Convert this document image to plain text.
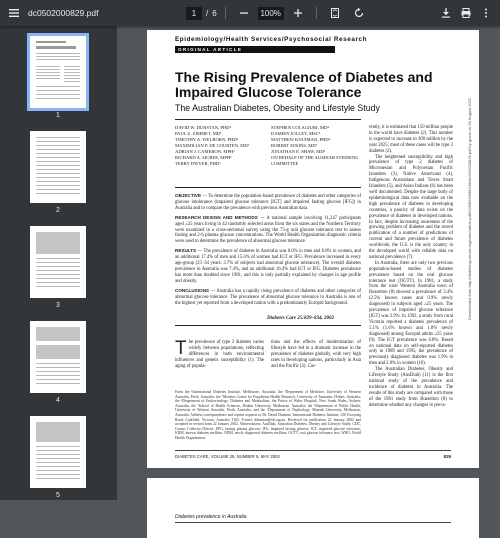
dc0502000829.pdf	1	/ 6	100%
1
2
3
4
5
Downloaded from http://diabetesjournals.org/care/article-pdf/25/5/829/589249/dc0502000829.pdf by guest on 09 August 2022
Epidemiology/Health Services/Psychosocial Research
ORIGINAL ARTICLE
The Rising Prevalence of Diabetes and Impaired Glucose Tolerance
The Australian Diabetes, Obesity and Lifestyle Study
DAVID W. DUNSTAN, PHD¹
PAUL Z. ZIMMET, MD¹
TIMOTHY A. WELBORN, PHD²
MAXIMILIAN P. DE COURTEN, MD¹
ADRIAN J. CAMERON, MPH¹
RICHARD A. SICREE, MPH¹
TERRY DWYER, PHD³
STEPHEN COLAGIURI, MD⁴
DAMIEN JOLLEY, MSC⁵
MATTHEW KNUIMAN, PHD⁶
ROBERT ATKINS, MD⁷
JONATHAN E. SHAW, MD¹
ON BEHALF OF THE AUSDIAB STEERING
COMMITTEE

OBJECTIVE — To determine the population-based prevalence of diabetes and other categories of glucose intolerance (impaired glucose tolerance [IGT] and impaired fasting glucose [IFG]) in Australia and to compare the prevalence with previous Australian data.

RESEARCH DESIGN AND METHODS — A national sample involving 11,247 participants aged ≥25 years living in 42 randomly selected areas from the six states and the Northern Territory were examined in a cross-sectional survey using the 75-g oral glucose tolerance test to assess fasting and 2-h plasma glucose concentrations. The World Health Organization diagnostic criteria were used to determine the prevalence of abnormal glucose tolerance.

RESULTS — The prevalence of diabetes in Australia was 8.0% in men and 6.8% in women, and an additional 17.4% of men and 15.4% of women had IGT or IFG. Prevalence increased in every age-group (25–34 years: 3.7% of subjects had abnormal glucose tolerance). The overall diabetes prevalence in Australia was 7.4%, and an additional 16.4% had IGT or IFG. Diabetes prevalence has more than doubled since 1981, and this is only partially explained by changes in age profile and obesity.

CONCLUSIONS — Australia has a rapidly rising prevalence of diabetes and other categories of abnormal glucose tolerance. The prevalence of abnormal glucose tolerance in Australia is one of the highest yet reported from a developed nation with a predominantly Europid background.

Diabetes Care 25:829–834, 2002
The prevalence of type 2 diabetes varies widely between populations, reflecting differences in both environmental influences and genetic susceptibility (1). The aging of popula-
tions and the effects of modernization of lifestyle have led to a dramatic increase in the prevalence of diabetes globally, with very high rates in developing nations, particularly in Asia and the Pacific (2). Cur-
From the ¹International Diabetes Institute, Melbourne, Australia; the ²Department of Medicine, University of Western Australia, Perth, Australia; the ³Menzies Centre for Population Health Research, University of Tasmania, Hobart, Australia; the ⁴Department of Endocrinology, Diabetes and Metabolism, the Prince of Wales Hospital, New South Wales, Sydney, Australia; the ⁵School of Health Sciences, Deakin University, Melbourne, Australia; the ⁶Department of Public Health, University of Western Australia, Perth, Australia; and the ⁷Department of Nephrology, Monash University, Melbourne, Australia. Address correspondence and reprint requests to Dr. David Dunstan, International Diabetes Institute, 250 Kooyong Road, Caulfield, Victoria, Australia 3162. E-mail: ddunstan@idi.org.au. Received for publication 22 January 2002 and accepted in revised form 22 January 2002. Abbreviations: AusDiab, Australian Diabetes, Obesity and Lifestyle Study; CDC, Census Collector District; FPG, fasting plasma glucose; IFG, impaired fasting glucose; IGT, impaired glucose tolerance; KDM, known diabetes mellitus; NDM, newly diagnosed diabetes mellitus; OGTT, oral glucose tolerance test; WHO, World Health Organization.

rently, it is estimated that 150 million people in the world have diabetes (2). This number is expected to increase to 300 million by the year 2025; most of these cases will be type 2 diabetes (2).

The heightened susceptibility and high prevalence of type 2 diabetes of Micronesian and Polynesian Pacific Islanders (3), Native Americans (4), Indigenous Australians and Torres Strait Islanders (5), and Asian Indians (6) has been well documented. Despite the large body of epidemiological data now available on the high prevalence of diabetes in developing countries, a paucity of data exists on the prevalence of diabetes in developed nations. In fact, despite increasing awareness of the growing problem of diabetes and the recent publication of a number of predictions of current and future prevalence of diabetes worldwide, the U.S. is the only country in the developed world with reliable data on national prevalence (7).

In Australia, there are only two previous population-based studies of diabetes prevalence based on the oral glucose tolerance test (OGTT). In 1981, a study from the rural Western Australia town of Busselton (8) showed a prevalence of 3.4% (2.5% known cases and 0.9% newly diagnosed) in subjects aged ≥25 years. The prevalence of impaired glucose tolerance (IGT) was 2.9%. In 1992, a study from rural Victoria reported a diabetes prevalence of 5.1% (1.6% known and 1.8% newly diagnosed) among Europid adults ≥25 years (9). The IGT prevalence was 6.8%. Based on national data on self-reported diabetes only in 1989 and 1995, the prevalence of previously diagnosed diabetes was 1.9% in men and 2.0% in women (10).

The Australian Diabetes, Obesity and Lifestyle Study (AusDiab) (11) is the first national study of the prevalence and incidence of diabetes in Australia. The results of this study are compared with those of the 1981 study from Busselton (8) to determine whether any changes in preva-

DIABETES CARE, VOLUME 25, NUMBER 5, MAY 2002	829
Diabetes prevalence in Australia
